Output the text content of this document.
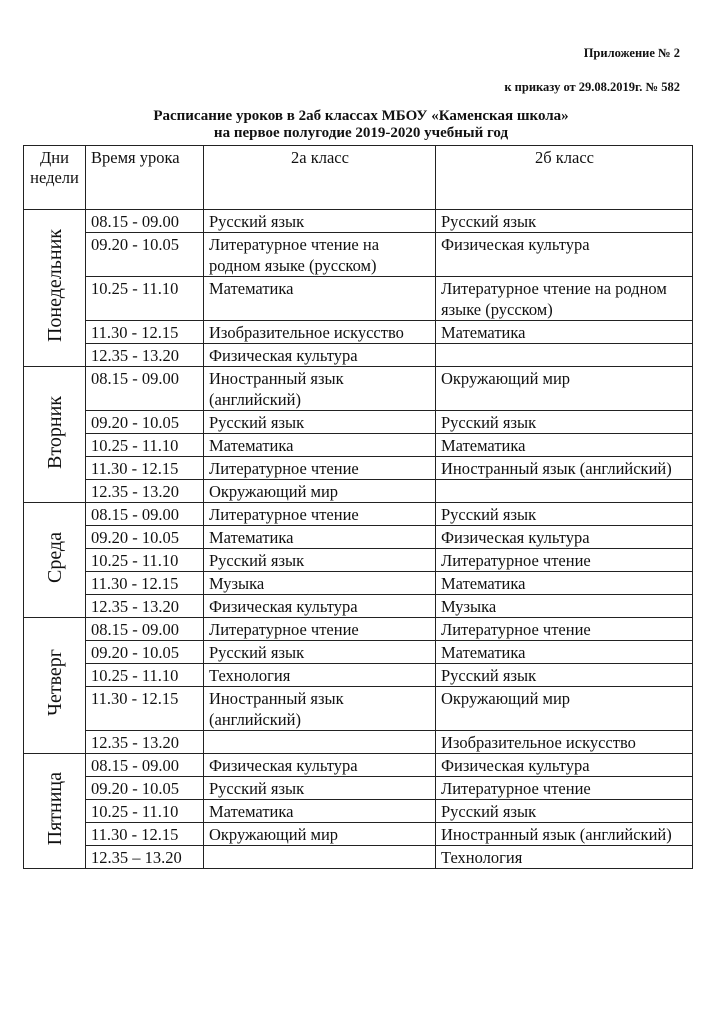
Приложение № 2
к приказу от 29.08.2019г. № 582
Расписание уроков в 2аб классах МБОУ «Каменская школа»
на первое полугодие 2019-2020 учебный год
Дни недели	Время урока	2а класс	2б класс
Понедельник	08.15 - 09.00	Русский язык	Русский язык
	09.20 - 10.05	Литературное чтение на родном языке (русском)	Физическая культура
	10.25 - 11.10	Математика	Литературное чтение на родном языке (русском)
	11.30 - 12.15	Изобразительное искусство	Математика
	12.35 - 13.20	Физическая культура	
Вторник	08.15 - 09.00	Иностранный язык (английский)	Окружающий мир
	09.20 - 10.05	Русский язык	Русский язык
	10.25 - 11.10	Математика	Математика
	11.30 - 12.15	Литературное чтение	Иностранный язык (английский)
	12.35 - 13.20	Окружающий мир	
Среда	08.15 - 09.00	Литературное чтение	Русский язык
	09.20 - 10.05	Математика	Физическая культура
	10.25 - 11.10	Русский язык	Литературное чтение
	11.30 - 12.15	Музыка	Математика
	12.35 - 13.20	Физическая культура	Музыка
Четверг	08.15 - 09.00	Литературное чтение	Литературное чтение
	09.20 - 10.05	Русский язык	Математика
	10.25 - 11.10	Технология	Русский язык
	11.30 - 12.15	Иностранный язык (английский)	Окружающий мир
	12.35 - 13.20		Изобразительное искусство
Пятница	08.15 - 09.00	Физическая культура	Физическая культура
	09.20 - 10.05	Русский язык	Литературное чтение
	10.25 - 11.10	Математика	Русский язык
	11.30 - 12.15	Окружающий мир	Иностранный язык (английский)
	12.35 – 13.20		Технология
